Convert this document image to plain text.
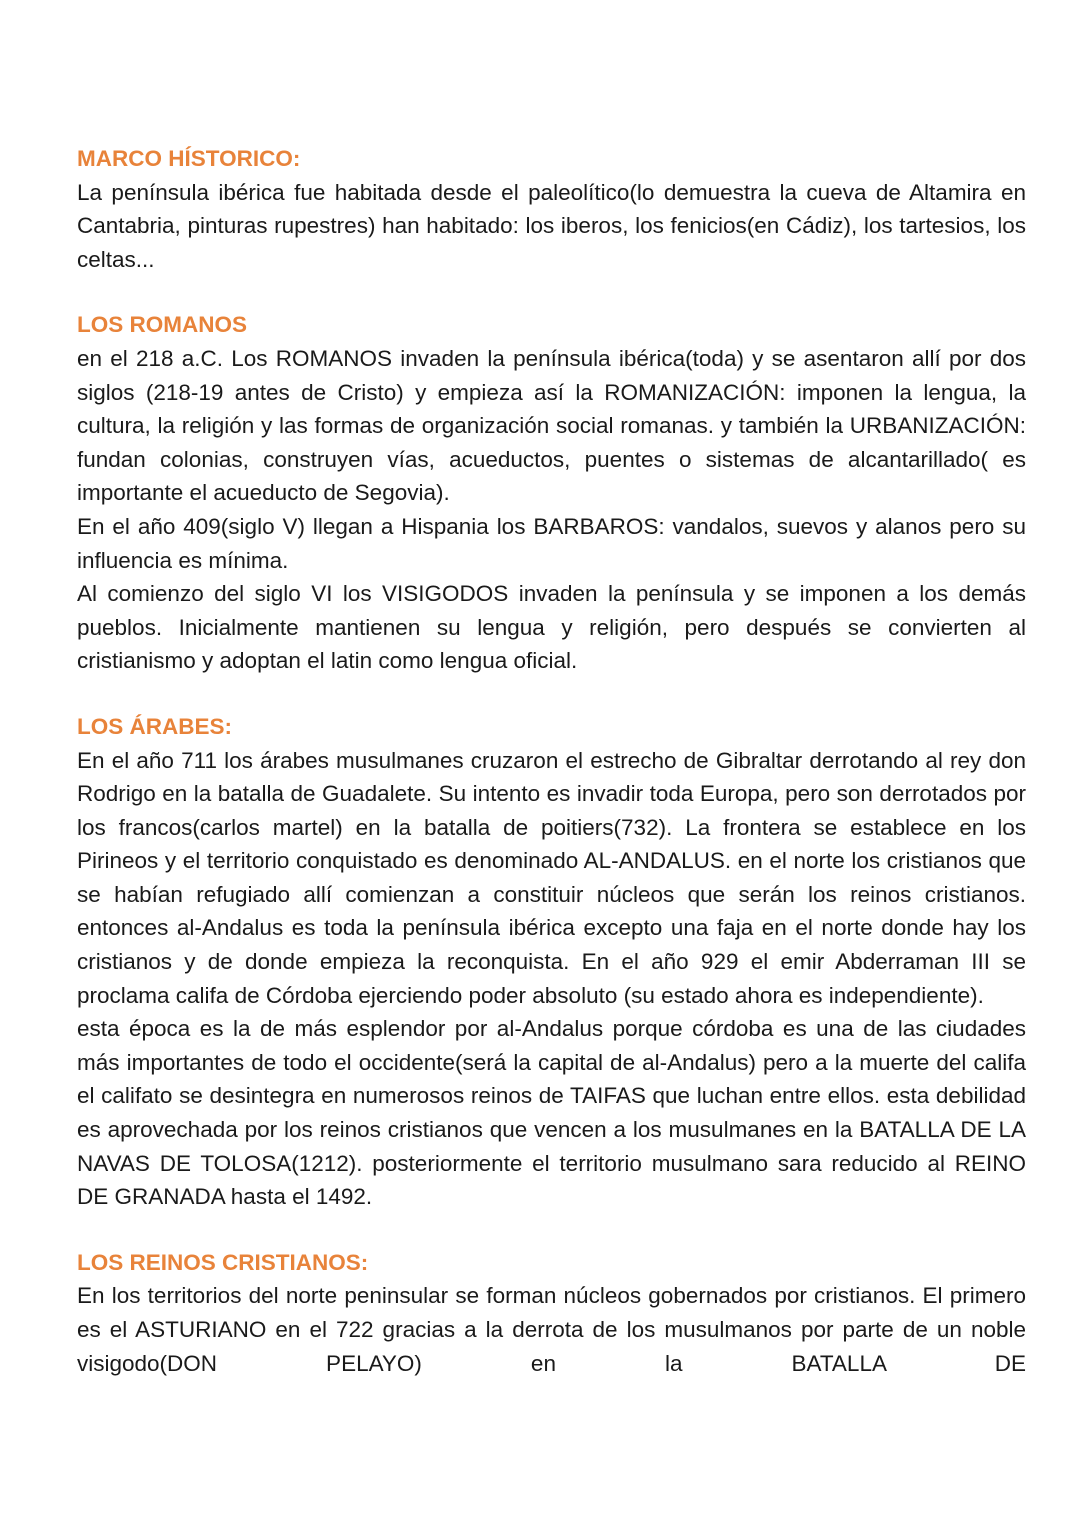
MARCO HÍSTORICO:

La península ibérica fue habitada desde el paleolítico(lo demuestra la cueva de Altamira en Cantabria, pinturas rupestres) han habitado: los iberos, los fenicios(en Cádiz), los tartesios, los celtas...

LOS ROMANOS

en el 218 a.C. Los ROMANOS invaden la península ibérica(toda) y se asentaron allí por dos siglos (218-19 antes de Cristo) y empieza así la ROMANIZACIÓN: imponen la lengua, la cultura, la religión y las formas de organización social romanas. y también la URBANIZACIÓN: fundan colonias, construyen vías, acueductos, puentes o sistemas de alcantarillado( es importante el acueducto de Segovia).

En el año 409(siglo V) llegan a Hispania los BARBAROS: vandalos, suevos y alanos pero su influencia es mínima.

Al comienzo del siglo VI los VISIGODOS invaden la península y se imponen a los demás pueblos. Inicialmente mantienen su lengua y religión, pero después se convierten al cristianismo y adoptan el latin como lengua oficial.

LOS ÁRABES:

En el año 711 los árabes musulmanes cruzaron el estrecho de Gibraltar derrotando al rey don Rodrigo en la batalla de Guadalete. Su intento es invadir toda Europa, pero son derrotados por los francos(carlos martel) en la batalla de poitiers(732). La frontera se establece en los Pirineos y el territorio conquistado es denominado AL-ANDALUS. en el norte los cristianos que se habían refugiado allí comienzan a constituir núcleos que serán los reinos cristianos. entonces al-Andalus es toda la península ibérica excepto una faja en el norte donde hay los cristianos y de donde empieza la reconquista. En el año 929 el emir Abderraman III se proclama califa de Córdoba ejerciendo poder absoluto (su estado ahora es independiente).

esta época es la de más esplendor por al-Andalus porque córdoba es una de las ciudades más importantes de todo el occidente(será la capital de al-Andalus) pero a la muerte del califa el califato se desintegra en numerosos reinos de TAIFAS que luchan entre ellos. esta debilidad es aprovechada por los reinos cristianos que vencen a los musulmanes en la BATALLA DE LA NAVAS DE TOLOSA(1212). posteriormente el territorio musulmano sara reducido al REINO DE GRANADA hasta el 1492.

LOS REINOS CRISTIANOS:

En los territorios del norte peninsular se forman núcleos gobernados por cristianos. El primero es el ASTURIANO en el 722 gracias a la derrota de los musulmanos por parte de un noble visigodo(DON PELAYO) en la BATALLA DE
